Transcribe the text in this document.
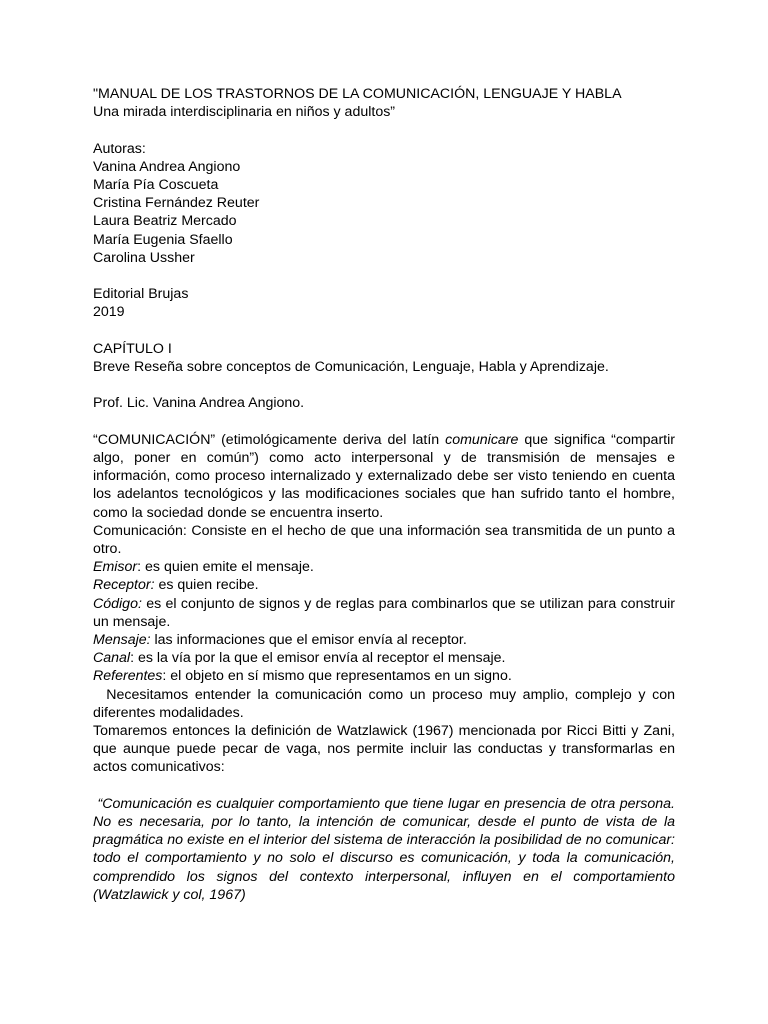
"MANUAL DE LOS TRASTORNOS DE LA COMUNICACIÓN, LENGUAJE Y HABLA
Una mirada interdisciplinaria en niños y adultos”
Autoras:
Vanina Andrea Angiono
María Pía Coscueta
Cristina Fernández Reuter
Laura Beatriz Mercado
María Eugenia Sfaello
Carolina Ussher
Editorial Brujas
2019
CAPÍTULO I
Breve Reseña sobre conceptos de Comunicación, Lenguaje, Habla y Aprendizaje.
Prof. Lic. Vanina Andrea Angiono.
“COMUNICACIÓN” (etimológicamente deriva del latín comunicare que significa “compartir algo, poner en común”) como acto interpersonal y de transmisión de mensajes e información, como proceso internalizado y externalizado debe ser visto teniendo en cuenta los adelantos tecnológicos y las modificaciones sociales que han sufrido tanto el hombre, como la sociedad donde se encuentra inserto.
Comunicación: Consiste en el hecho de que una información sea transmitida de un punto a otro.
Emisor: es quien emite el mensaje.
Receptor: es quien recibe.
Código: es el conjunto de signos y de reglas para combinarlos que se utilizan para construir un mensaje.
Mensaje: las informaciones que el emisor envía al receptor.
Canal: es la vía por la que el emisor envía al receptor el mensaje.
Referentes: el objeto en sí mismo que representamos en un signo.
Necesitamos entender la comunicación como un proceso muy amplio, complejo y con diferentes modalidades.
Tomaremos entonces la definición de Watzlawick (1967) mencionada por Ricci Bitti y Zani, que aunque puede pecar de vaga, nos permite incluir las conductas y transformarlas en actos comunicativos:
“Comunicación es cualquier comportamiento que tiene lugar en presencia de otra persona. No es necesaria, por lo tanto, la intención de comunicar, desde el punto de vista de la pragmática no existe en el interior del sistema de interacción la posibilidad de no comunicar: todo el comportamiento y no solo el discurso es comunicación, y toda la comunicación, comprendido los signos del contexto interpersonal, influyen en el comportamiento (Watzlawick y col, 1967)
